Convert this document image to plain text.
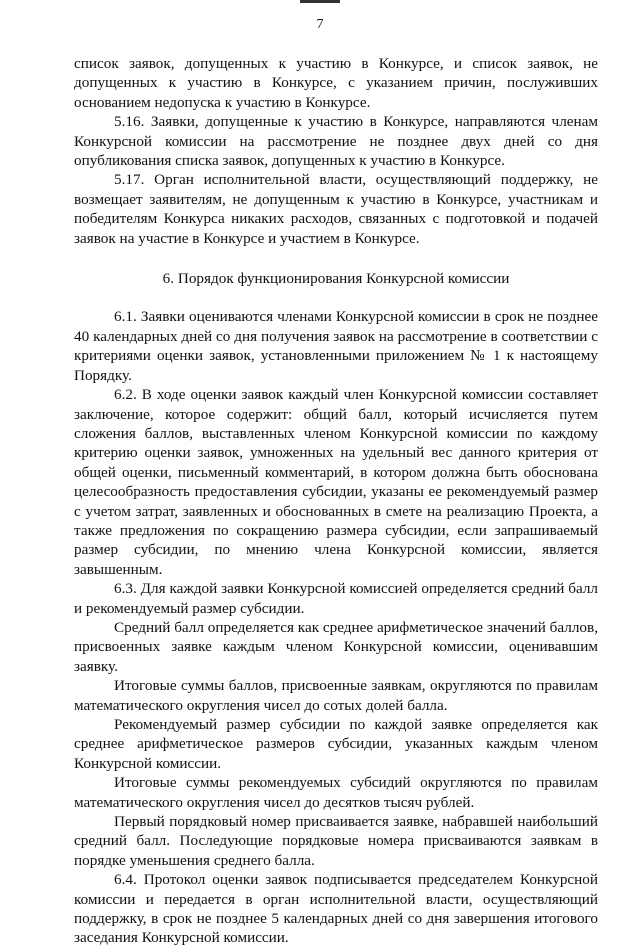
7

список заявок, допущенных к участию в Конкурсе, и список заявок, не допущенных к участию в Конкурсе, с указанием причин, послуживших основанием недопуска к участию в Конкурсе.

5.16. Заявки, допущенные к участию в Конкурсе, направляются членам Конкурсной комиссии на рассмотрение не позднее двух дней со дня опубликования списка заявок, допущенных к участию в Конкурсе.

5.17. Орган исполнительной власти, осуществляющий поддержку, не возмещает заявителям, не допущенным к участию в Конкурсе, участникам и победителям Конкурса никаких расходов, связанных с подготовкой и подачей заявок на участие в Конкурсе и участием в Конкурсе.

6. Порядок функционирования Конкурсной комиссии

6.1. Заявки оцениваются членами Конкурсной комиссии в срок не позднее 40 календарных дней со дня получения заявок на рассмотрение в соответствии с критериями оценки заявок, установленными приложением № 1 к настоящему Порядку.

6.2. В ходе оценки заявок каждый член Конкурсной комиссии составляет заключение, которое содержит: общий балл, который исчисляется путем сложения баллов, выставленных членом Конкурсной комиссии по каждому критерию оценки заявок, умноженных на удельный вес данного критерия от общей оценки, письменный комментарий, в котором должна быть обоснована целесообразность предоставления субсидии, указаны ее рекомендуемый размер с учетом затрат, заявленных и обоснованных в смете на реализацию Проекта, а также предложения по сокращению размера субсидии, если запрашиваемый размер субсидии, по мнению члена Конкурсной комиссии, является завышенным.

6.3. Для каждой заявки Конкурсной комиссией определяется средний балл и рекомендуемый размер субсидии.

Средний балл определяется как среднее арифметическое значений баллов, присвоенных заявке каждым членом Конкурсной комиссии, оценивавшим заявку.

Итоговые суммы баллов, присвоенные заявкам, округляются по правилам математического округления чисел до сотых долей балла.

Рекомендуемый размер субсидии по каждой заявке определяется как среднее арифметическое размеров субсидии, указанных каждым членом Конкурсной комиссии.

Итоговые суммы рекомендуемых субсидий округляются по правилам математического округления чисел до десятков тысяч рублей.

Первый порядковый номер присваивается заявке, набравшей наибольший средний балл. Последующие порядковые номера присваиваются заявкам в порядке уменьшения среднего балла.

6.4. Протокол оценки заявок подписывается председателем Конкурсной комиссии и передается в орган исполнительной власти, осуществляющий поддержку, в срок не позднее 5 календарных дней со дня завершения итогового заседания Конкурсной комиссии.
